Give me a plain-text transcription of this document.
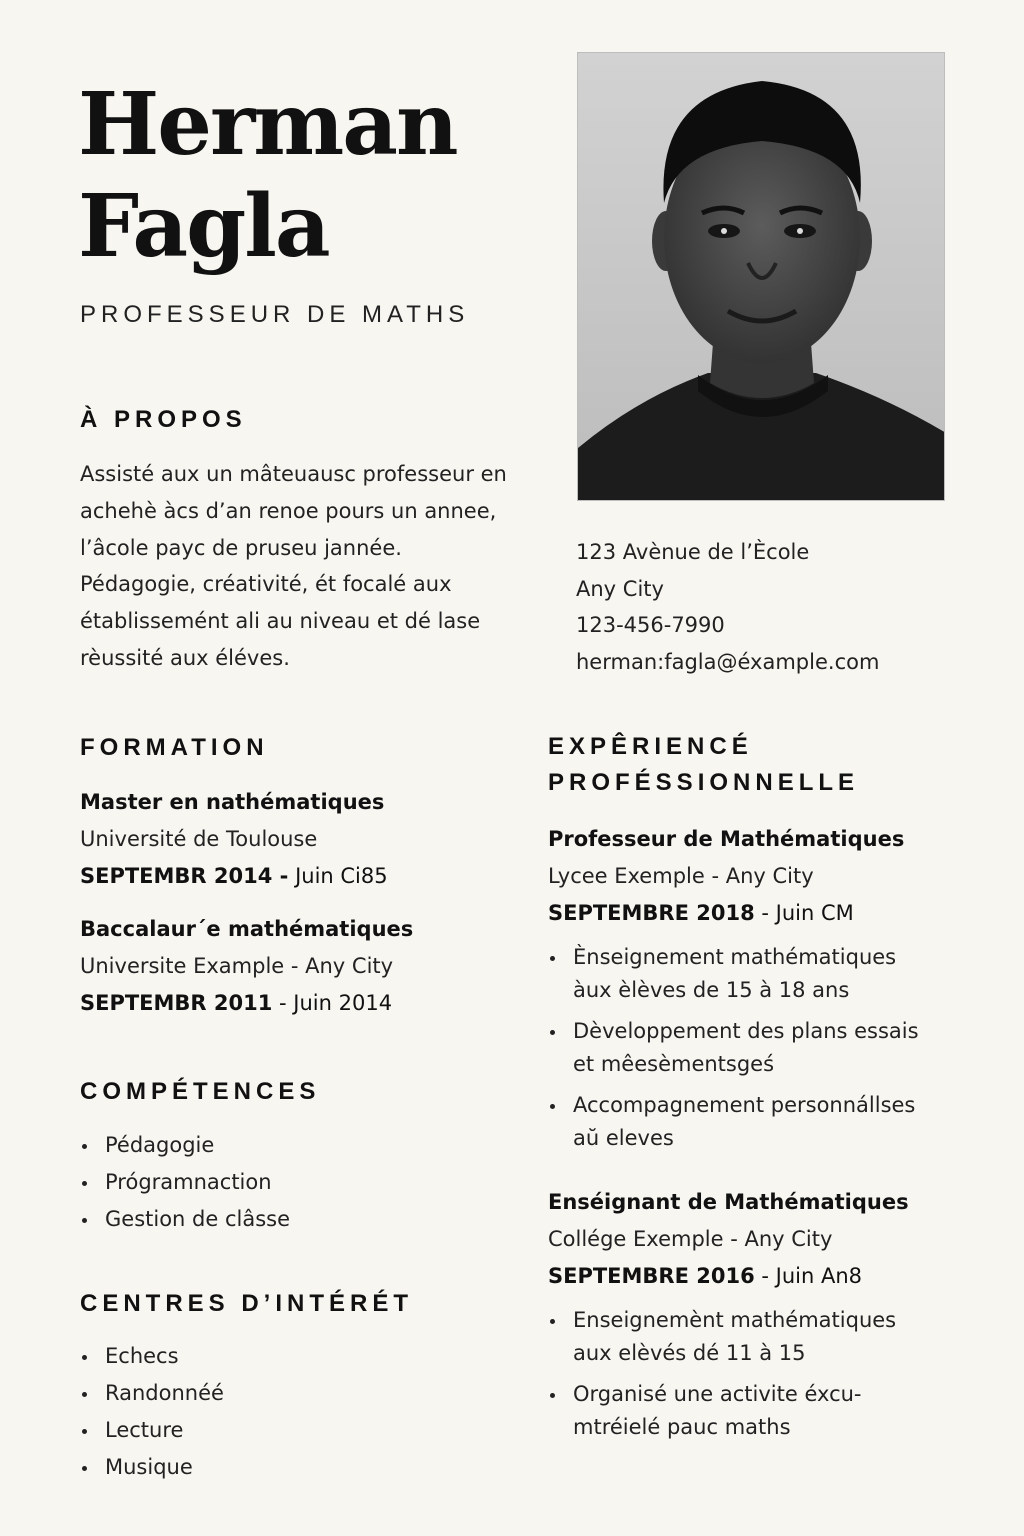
Herman
Fagla
PROFESSEUR DE MATHS
À PROPOS

Assisté aux un mâteuausc professeur en achehè àcs d’an renoe pours un annee, l’âcole payc de pruseu jannée. Pédagogie, créativité, ét focalé aux établissemént ali au niveau et dé lase rèussité aux éléves.

123 Avènue de l’Ècole
Any City
123-456-7990
herman:fagla@éxample.com
FORMATION
Master en nathématiques
Université de Toulouse
SEPTEMBR 2014 - Juin Ci85
Baccalaur´e mathématiques
Universite Example - Any City
SEPTEMBR 2011 - Juin 2014
COMPÉTENCES
Pédagogie
Prógramnaction
Gestion de clâsse
CENTRES D’INTÉRÉT
Echecs
Randonnéé
Lecture
Musique
EXPÊRIENCÉ
PROFÉSSIONNELLE
Professeur de Mathématiques
Lycee Exemple - Any City
SEPTEMBRE 2018 - Juin CM
Ènseignement mathématiques àux èlèves de 15 à 18 ans
Dèveloppement des plans essais et mêesèmentsgeś
Accompagnement personnállses aŭ eleves
Enséignant de Mathématiques
Collége Exemple - Any City
SEPTEMBRE 2016 - Juin An8
Enseignemènt mathématiques aux elèvés dé 11 à 15
Organisé une activite éxcu-mtréielé pauc maths
